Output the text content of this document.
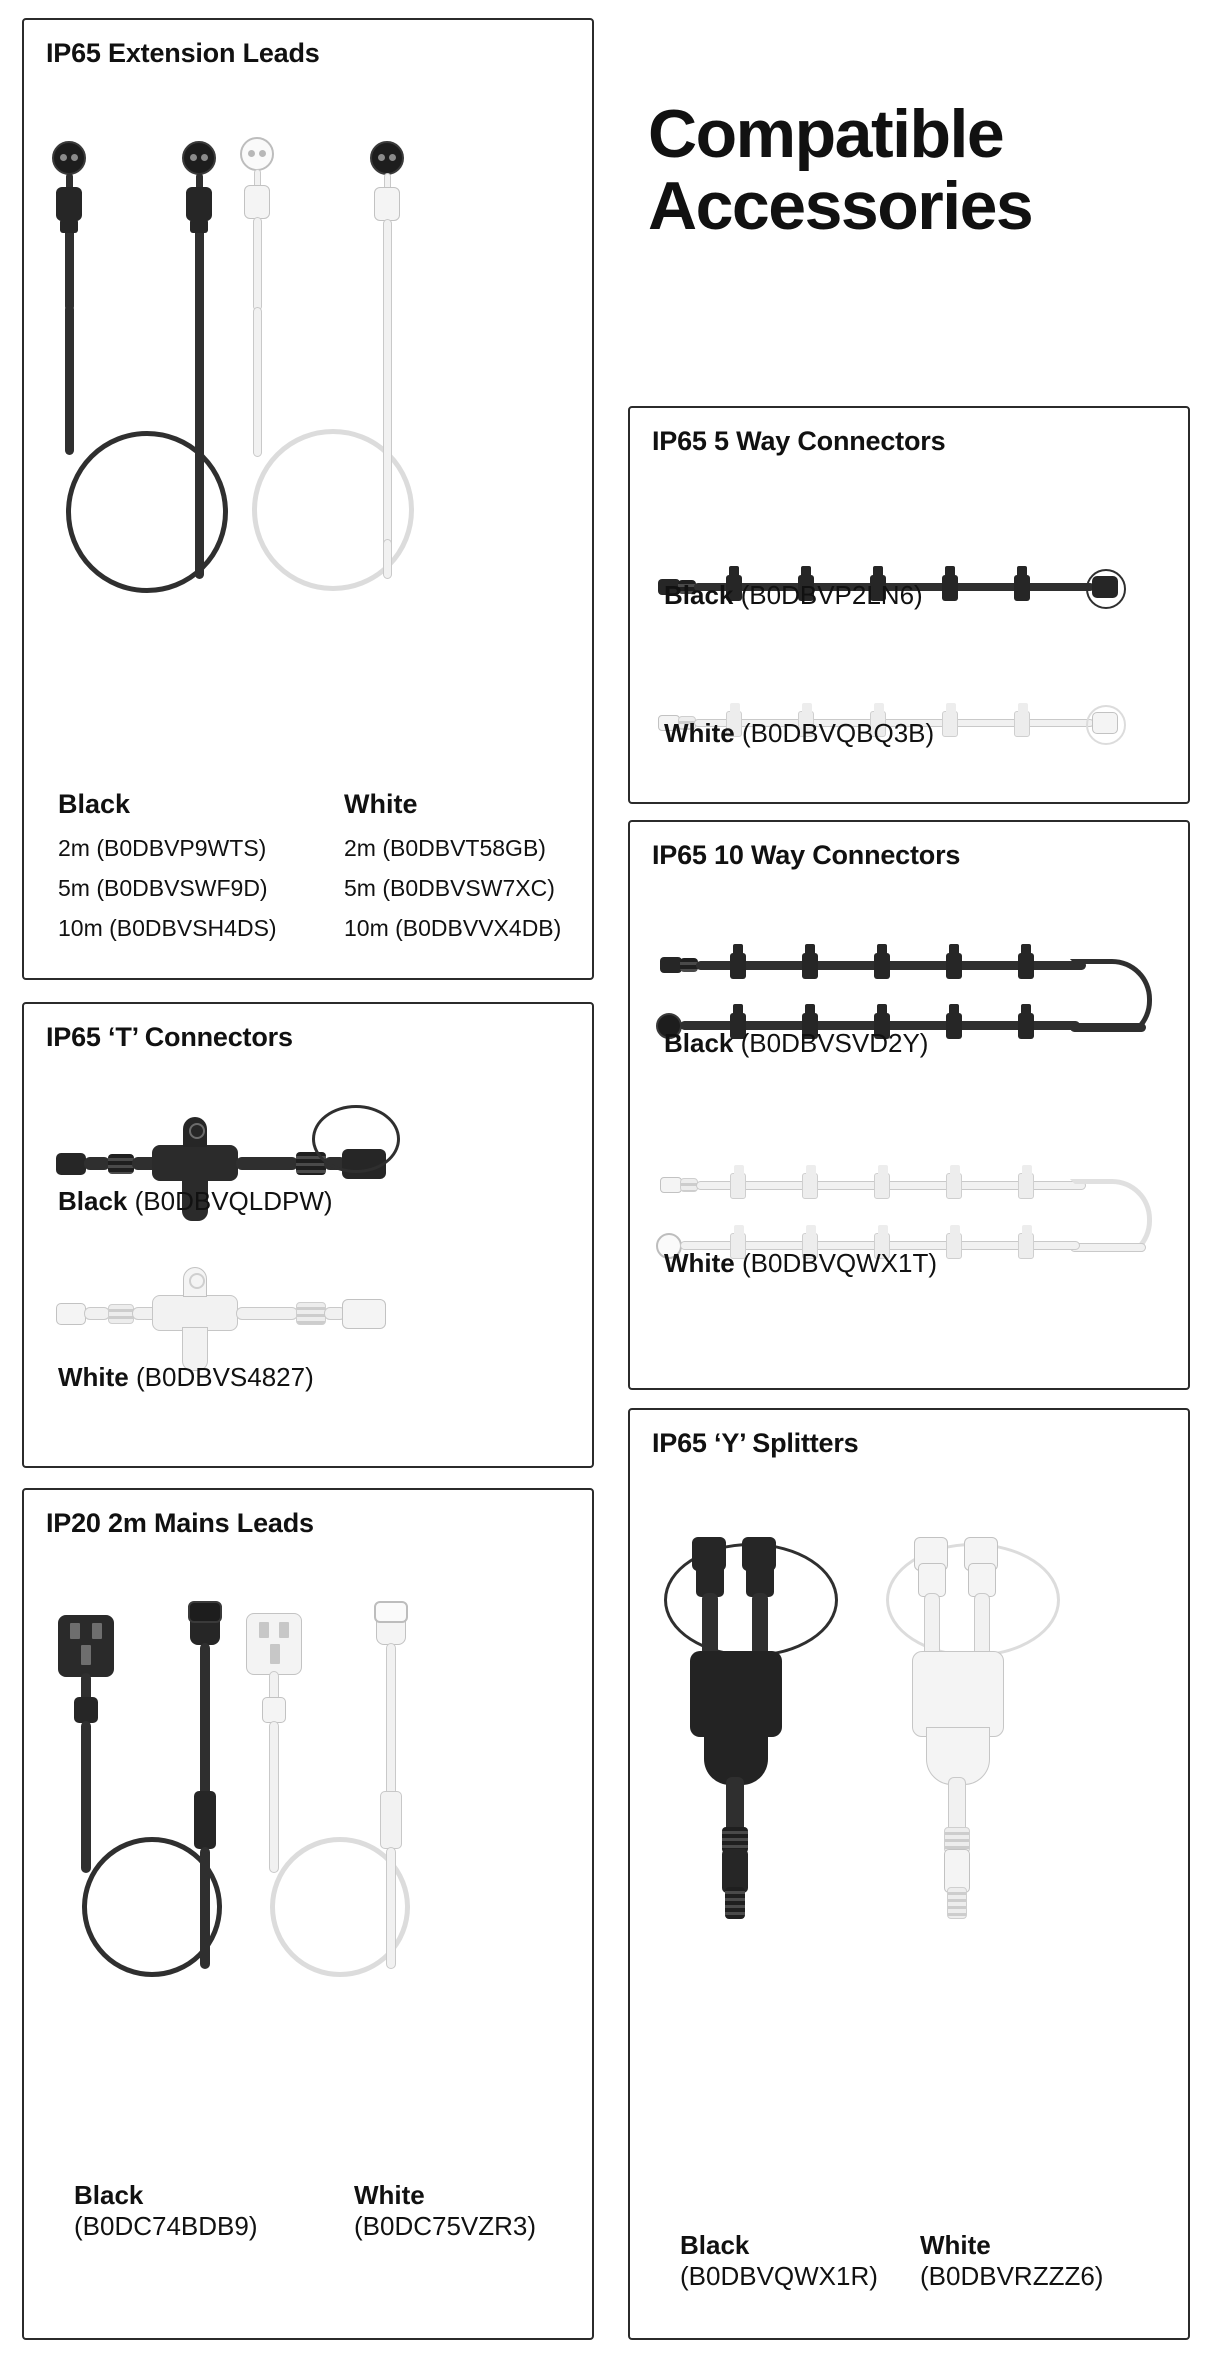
Compatible
Accessories
IP65 Extension Leads
Black
2m (B0DBVP9WTS)
5m (B0DBVSWF9D)
10m (B0DBVSH4DS)
White
2m (B0DBVT58GB)
5m (B0DBVSW7XC)
10m (B0DBVVX4DB)
IP65 ‘T’ Connectors
Black (B0DBVQLDPW)
White (B0DBVS4827)
IP20 2m Mains Leads
Black
(B0DC74BDB9)
White
(B0DC75VZR3)
IP65 5 Way Connectors
Black (B0DBVP2LN6)
White (B0DBVQBQ3B)
IP65 10 Way Connectors
Black (B0DBVSVD2Y)
White (B0DBVQWX1T)
IP65 ‘Y’ Splitters
Black
(B0DBVQWX1R)
White
(B0DBVRZZZ6)
